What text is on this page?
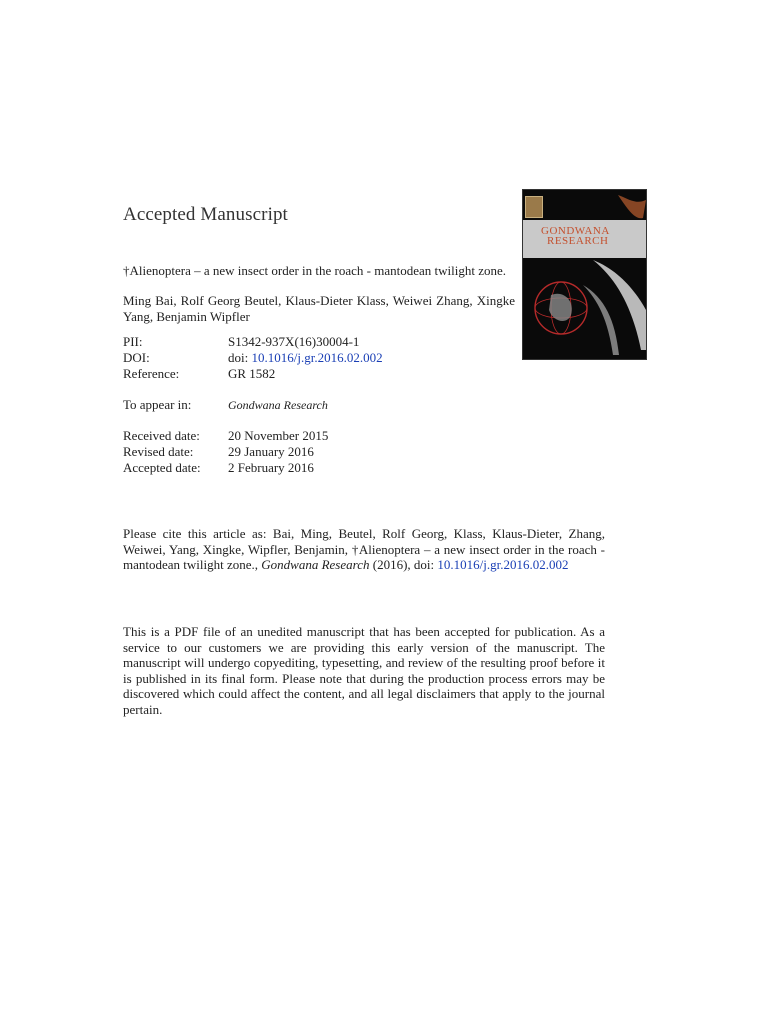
Accepted Manuscript
†Alienoptera – a new insect order in the roach - mantodean twilight zone.
Ming Bai, Rolf Georg Beutel, Klaus-Dieter Klass, Weiwei Zhang, Xingke Yang, Benjamin Wipfler
PII:	S1342-937X(16)30004-1
DOI:	doi: 10.1016/j.gr.2016.02.002
Reference:	GR 1582
To appear in:	Gondwana Research
Received date:	20 November 2015
Revised date:	29 January 2016
Accepted date:	2 February 2016
Please cite this article as: Bai, Ming, Beutel, Rolf Georg, Klass, Klaus-Dieter, Zhang, Weiwei, Yang, Xingke, Wipfler, Benjamin, †Alienoptera – a new insect order in the roach - mantodean twilight zone., Gondwana Research (2016), doi: 10.1016/j.gr.2016.02.002
This is a PDF file of an unedited manuscript that has been accepted for publication. As a service to our customers we are providing this early version of the manuscript. The manuscript will undergo copyediting, typesetting, and review of the resulting proof before it is published in its final form. Please note that during the production process errors may be discovered which could affect the content, and all legal disclaimers that apply to the journal pertain.
GONDWANA
RESEARCH
